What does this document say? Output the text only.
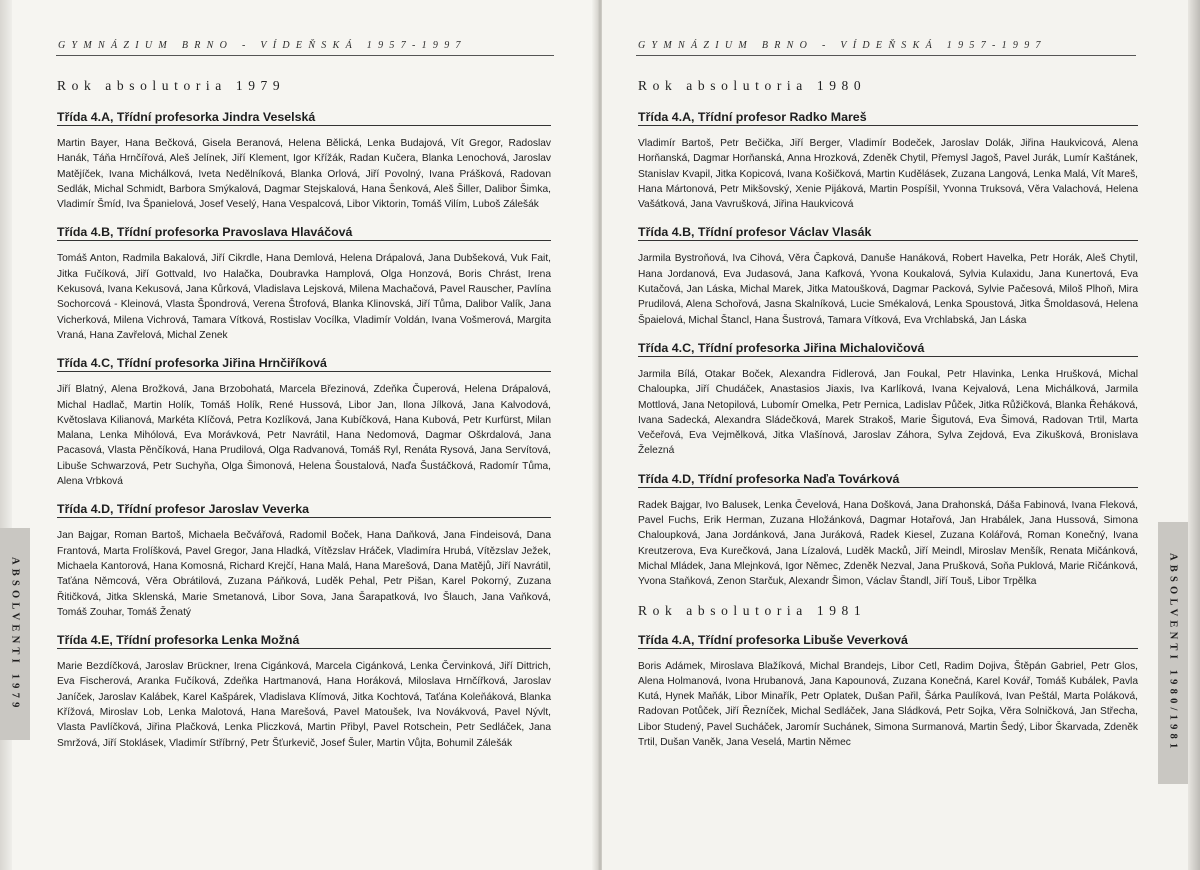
GYMNÁZIUM BRNO - VÍDEŇSKÁ 1957-1997
Rok absolutoria 1979
Třída 4.A, Třídní profesorka Jindra Veselská
Martin Bayer, Hana Bečková, Gisela Beranová, Helena Bělická, Lenka Budajová, Vít Gregor, Radoslav Hanák, Táňa Hrnčířová, Aleš Jelínek, Jiří Klement, Igor Křížák, Radan Kučera, Blanka Lenochová, Jaroslav Matějíček, Ivana Michálková, Iveta Nedělníková, Blanka Orlová, Jiří Povolný, Ivana Prášková, Radovan Sedlák, Michal Schmidt, Barbora Smýkalová, Dagmar Stejskalová, Hana Šenková, Aleš Šiller, Dalibor Šimka, Vladimír Šmíd, Iva Španielová, Josef Veselý, Hana Vespalcová, Libor Viktorin, Tomáš Vilím, Luboš Zálešák
Třída 4.B, Třídní profesorka Pravoslava Hlaváčová
Tomáš Anton, Radmila Bakalová, Jiří Cikrdle, Hana Demlová, Helena Drápalová, Jana Dubšeková, Vuk Fait, Jitka Fučíková, Jiří Gottvald, Ivo Halačka, Doubravka Hamplová, Olga Honzová, Boris Chrást, Irena Kekusová, Ivana Kekusová, Jana Kůrková, Vladislava Lejsková, Milena Machačová, Pavel Rauscher, Pavlína Sochorcová - Kleinová, Vlasta Špondrová, Verena Štrofová, Blanka Klinovská, Jiří Tůma, Dalibor Valík, Jana Vicherková, Milena Vichrová, Tamara Vítková, Rostislav Vocílka, Vladimír Voldán, Ivana Vošmerová, Margita Vraná, Hana Zavřelová, Michal Zenek
Třída 4.C, Třídní profesorka Jiřina Hrnčiříková
Jiří Blatný, Alena Brožková, Jana Brzobohatá, Marcela Březinová, Zdeňka Čuperová, Helena Drápalová, Michal Hadlač, Martin Holík, Tomáš Holík, René Hussová, Libor Jan, Ilona Jílková, Jana Kalvodová, Květoslava Kilianová, Markéta Klíčová, Petra Kozlíková, Jana Kubíčková, Hana Kubová, Petr Kurfürst, Milan Malana, Lenka Mihólová, Eva Morávková, Petr Navrátil, Hana Nedomová, Dagmar Oškrdalová, Jana Pacasová, Vlasta Pěnčíková, Hana Prudilová, Olga Radvanová, Tomáš Ryl, Renáta Rysová, Jana Servítová, Libuše Schwarzová, Petr Suchyňa, Olga Šimonová, Helena Šoustalová, Naďa Šustáčková, Radomír Tůma, Alena Vrbková
Třída 4.D, Třídní profesor Jaroslav Veverka
Jan Bajgar, Roman Bartoš, Michaela Bečvářová, Radomil Boček, Hana Daňková, Jana Findeisová, Dana Frantová, Marta Frolíšková, Pavel Gregor, Jana Hladká, Vítězslav Hráček, Vladimíra Hrubá, Vítězslav Ježek, Michaela Kantorová, Hana Komosná, Richard Krejčí, Hana Malá, Hana Marešová, Dana Matějů, Jiří Navrátil, Taťána Němcová, Věra Obrátilová, Zuzana Páňková, Luděk Pehal, Petr Pišan, Karel Pokorný, Zuzana Řitičková, Jitka Sklenská, Marie Smetanová, Libor Sova, Jana Šarapatková, Ivo Šlauch, Jana Vaňková, Tomáš Zouhar, Tomáš Ženatý
Třída 4.E, Třídní profesorka Lenka Možná
Marie Bezdíčková, Jaroslav Brückner, Irena Cigánková, Marcela Cigánková, Lenka Červinková, Jiří Dittrich, Eva Fischerová, Aranka Fučíková, Zdeňka Hartmanová, Hana Horáková, Miloslava Hrnčířková, Jaroslav Janíček, Jaroslav Kalábek, Karel Kašpárek, Vladislava Klímová, Jitka Kochtová, Taťána Koleňáková, Blanka Křížová, Miroslav Lob, Lenka Malotová, Hana Marešová, Pavel Matoušek, Iva Novákvová, Pavel Nývlt, Vlasta Pavlíčková, Jiřina Plačková, Lenka Pliczková, Martin Přibyl, Pavel Rotschein, Petr Sedláček, Jana Smržová, Jiří Stoklásek, Vladimír Stříbrný, Petr Šťurkevič, Josef Šuler, Martin Vůjta, Bohumil Zálešák
ABSOLVENTI 1979
GYMNÁZIUM BRNO - VÍDEŇSKÁ 1957-1997
Rok absolutoria 1980
Třída 4.A, Třídní profesor Radko Mareš
Vladimír Bartoš, Petr Bečička, Jiří Berger, Vladimír Bodeček, Jaroslav Dolák, Jiřina Haukvicová, Alena Horňanská, Dagmar Horňanská, Anna Hrozková, Zdeněk Chytil, Přemysl Jagoš, Pavel Jurák, Lumír Kaštánek, Stanislav Kvapil, Jitka Kopicová, Ivana Košičková, Martin Kudělásek, Zuzana Langová, Lenka Malá, Vít Mareš, Hana Mártonová, Petr Mikšovský, Xenie Pijáková, Martin Pospíšil, Yvonna Truksová, Věra Valachová, Helena Vašátková, Jana Vavrušková, Jiřina Haukvicová
Třída 4.B, Třídní profesor Václav Vlasák
Jarmila Bystroňová, Iva Cihová, Věra Čapková, Danuše Hanáková, Robert Havelka, Petr Horák, Aleš Chytil, Hana Jordanová, Eva Judasová, Jana Kafková, Yvona Koukalová, Sylvia Kulaxidu, Jana Kunertová, Eva Kutačová, Jan Láska, Michal Marek, Jitka Matoušková, Dagmar Packová, Sylvie Pačesová, Miloš Plhoň, Mira Prudilová, Alena Schořová, Jasna Skalníková, Lucie Smékalová, Lenka Spoustová, Jitka Šmoldasová, Helena Špaielová, Michal Štancl, Hana Šustrová, Tamara Vítková, Eva Vrchlabská, Jan Láska
Třída 4.C, Třídní profesorka Jiřina Michalovičová
Jarmila Bílá, Otakar Boček, Alexandra Fidlerová, Jan Foukal, Petr Hlavinka, Lenka Hrušková, Michal Chaloupka, Jiří Chudáček, Anastasios Jiaxis, Iva Karlíková, Ivana Kejvalová, Lena Michálková, Jarmila Mottlová, Jana Netopilová, Lubomír Omelka, Petr Pernica, Ladislav Půček, Jitka Růžičková, Blanka Řeháková, Ivana Sadecká, Alexandra Sládečková, Marek Strakoš, Marie Šigutová, Eva Šimová, Radovan Trtil, Marta Večeřová, Eva Vejmělková, Jitka Vlašínová, Jaroslav Záhora, Sylva Zejdová, Eva Zikušková, Bronislava Železná
Třída 4.D, Třídní profesorka Naďa Továrková
Radek Bajgar, Ivo Balusek, Lenka Čevelová, Hana Došková, Jana Drahonská, Dáša Fabinová, Ivana Fleková, Pavel Fuchs, Erik Herman, Zuzana Hložánková, Dagmar Hotařová, Jan Hrabálek, Jana Hussová, Simona Chaloupková, Jana Jordánková, Jana Juráková, Radek Kiesel, Zuzana Kolářová, Roman Konečný, Ivana Kreutzerova, Eva Kurečková, Jana Lízalová, Luděk Macků, Jiří Meindl, Miroslav Menšík, Renata Mičánková, Michal Mládek, Jana Mlejnková, Igor Němec, Zdeněk Nezval, Jana Prušková, Soňa Puklová, Marie Ričánková, Yvona Staňková, Zenon Starčuk, Alexandr Šimon, Václav Štandl, Jiří Touš, Libor Trpělka
Rok absolutoria 1981
Třída 4.A, Třídní profesorka Libuše Veverková
Boris Adámek, Miroslava Blažíková, Michal Brandejs, Libor Cetl, Radim Dojiva, Štěpán Gabriel, Petr Glos, Alena Holmanová, Ivona Hrubanová, Jana Kapounová, Zuzana Konečná, Karel Kovář, Tomáš Kubálek, Pavla Kutá, Hynek Maňák, Libor Minařík, Petr Oplatek, Dušan Pařil, Šárka Paulíková, Ivan Peštál, Marta Poláková, Radovan Potůček, Jiří Řezníček, Michal Sedláček, Jana Sládková, Petr Sojka, Věra Solničková, Jan Střecha, Libor Studený, Pavel Sucháček, Jaromír Suchánek, Simona Surmanová, Martin Šedý, Libor Škarvada, Zdeněk Trtil, Dušan Vaněk, Jana Veselá, Martin Němec	ABSOLVENTI 1980/1981
